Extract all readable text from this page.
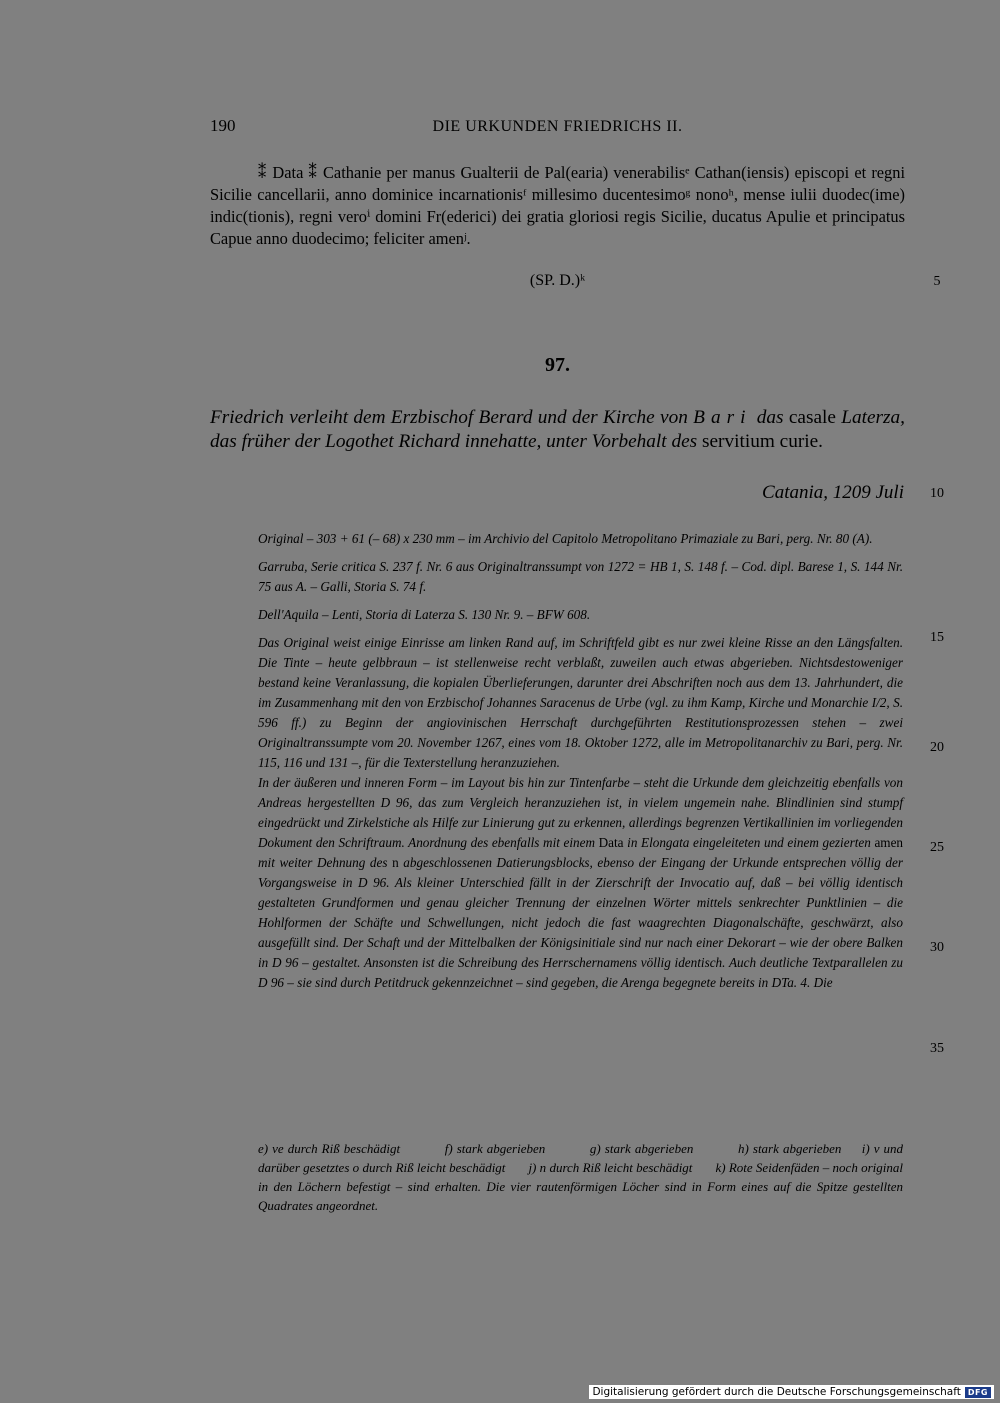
190	DIE URKUNDEN FRIEDRICHS II.

⁑ Data ⁑ Cathanie per manus Gualterii de Pal(earia) venerabilisᵉ Cathan(iensis) episcopi et regni Sicilie cancellarii, anno dominice incarnationisᶠ millesimo ducentesimoᵍ nonoʰ, mense iulii duodec(ime) indic(tionis), regni veroⁱ domini Fr(ederici) dei gratia gloriosi regis Sicilie, ducatus Apulie et principatus Capue anno duodecimo; feliciter amenʲ.

(SP. D.)ᵏ	5
97.
Friedrich verleiht dem Erzbischof Berard und der Kirche von Bari das casale Laterza, das früher der Logothet Richard innehatte, unter Vorbehalt des servitium curie.
Catania, 1209 Juli	10

Original – 303 + 61 (– 68) x 230 mm – im Archivio del Capitolo Metropolitano Primaziale zu Bari, perg. Nr. 80 (A).

Garruba, Serie critica S. 237 f. Nr. 6 aus Originaltranssumpt von 1272 = HB 1, S. 148 f. – Cod. dipl. Barese 1, S. 144 Nr. 75 aus A. – Galli, Storia S. 74 f.

Dell'Aquila – Lenti, Storia di Laterza S. 130 Nr. 9. – BFW 608.

Das Original weist einige Einrisse am linken Rand auf, im Schriftfeld gibt es nur zwei kleine Risse an den Längsfalten. Die Tinte – heute gelbbraun – ist stellenweise recht verblaßt, zuweilen auch etwas abgerieben. Nichtsdestoweniger bestand keine Veranlassung, die kopialen Überlieferungen, darunter drei Abschriften noch aus dem 13. Jahrhundert, die im Zusammenhang mit den von Erzbischof Johannes Saracenus de Urbe (vgl. zu ihm Kamp, Kirche und Monarchie I/2, S. 596 ff.) zu Beginn der angiovinischen Herrschaft durchgeführten Restitutionsprozessen stehen – zwei Originaltranssumpte vom 20. November 1267, eines vom 18. Oktober 1272, alle im Metropolitanarchiv zu Bari, perg. Nr. 115, 116 und 131 –, für die Texterstellung heranzuziehen.

In der äußeren und inneren Form – im Layout bis hin zur Tintenfarbe – steht die Urkunde dem gleichzeitig ebenfalls von Andreas hergestellten D 96, das zum Vergleich heranzuziehen ist, in vielem ungemein nahe. Blindlinien sind stumpf eingedrückt und Zirkelstiche als Hilfe zur Linierung gut zu erkennen, allerdings begrenzen Vertikallinien im vorliegenden Dokument den Schriftraum. Anordnung des ebenfalls mit einem Data in Elongata eingeleiteten und einem gezierten amen mit weiter Dehnung des n abgeschlossenen Datierungsblocks, ebenso der Eingang der Urkunde entsprechen völlig der Vorgangsweise in D 96. Als kleiner Unterschied fällt in der Zierschrift der Invocatio auf, daß – bei völlig identisch gestalteten Grundformen und genau gleicher Trennung der einzelnen Wörter mittels senkrechter Punktlinien – die Hohlformen der Schäfte und Schwellungen, nicht jedoch die fast waagrechten Diagonalschäfte, geschwärzt, also ausgefüllt sind. Der Schaft und der Mittelbalken der Königsinitiale sind nur nach einer Dekorart – wie der obere Balken in D 96 – gestaltet. Ansonsten ist die Schreibung des Herrschernamens völlig identisch. Auch deutliche Textparallelen zu D 96 – sie sind durch Petitdruck gekennzeichnet – sind gegeben, die Arenga begegnete bereits in DTa. 4. Die

15
20
25
30
35
e) ve durch Riß beschädigt	f) stark abgerieben	g) stark abgerieben	h) stark abgerieben i) v und darüber gesetztes o durch Riß leicht beschädigt j) n durch Riß leicht beschädigt k) Rote Seidenfäden – noch original in den Löchern befestigt – sind erhalten. Die vier rautenförmigen Löcher sind in Form eines auf die Spitze gestellten Quadrates angeordnet.
Digitalisierung gefördert durch die Deutsche Forschungsgemeinschaft DFG
